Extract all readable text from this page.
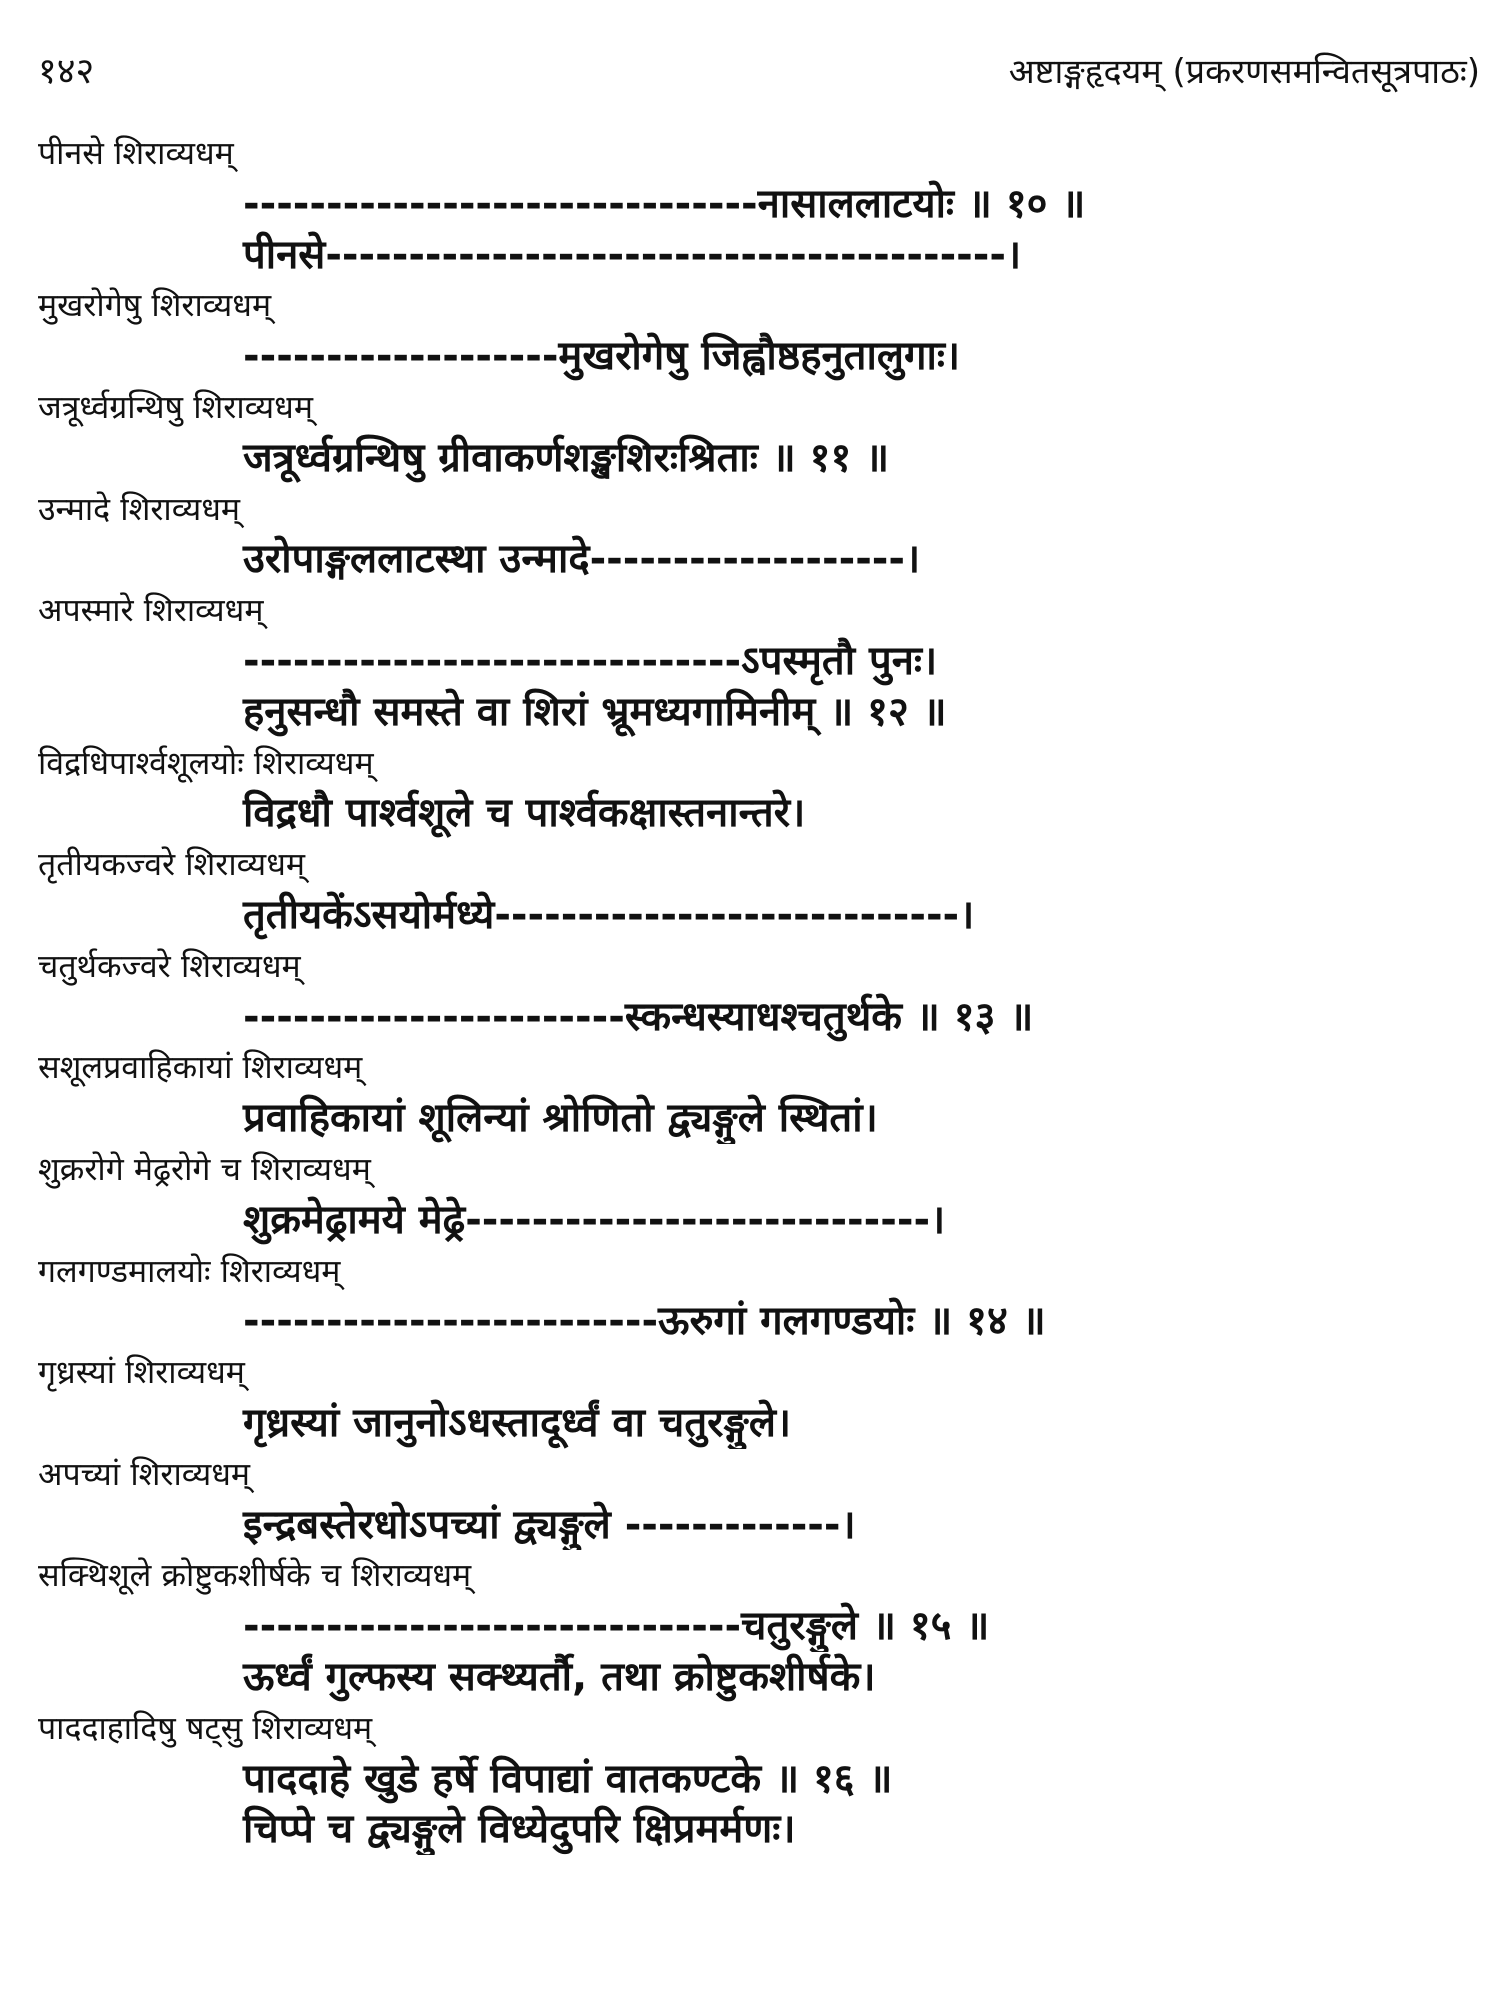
१४२	अष्टाङ्गहृदयम् (प्रकरणसमन्वितसूत्रपाठः)
पीनसे शिराव्यधम्
-------------------------------नासाललाटयोः ॥ १० ॥
पीनसे-----------------------------------------।
मुखरोगेषु शिराव्यधम्
-------------------मुखरोगेषु जिह्वौष्ठहनुतालुगाः।
जत्रूर्ध्वग्रन्थिषु शिराव्यधम्
जत्रूर्ध्वग्रन्थिषु ग्रीवाकर्णशङ्खशिरःश्रिताः ॥ ११ ॥
उन्मादे शिराव्यधम्
उरोपाङ्गललाटस्था उन्मादे-------------------।
अपस्मारे शिराव्यधम्
------------------------------ऽपस्मृतौ पुनः।
हनुसन्धौ समस्ते वा शिरां भ्रूमध्यगामिनीम् ॥ १२ ॥
विद्रधिपार्श्वशूलयोः शिराव्यधम्
विद्रधौ पार्श्वशूले च पार्श्वकक्षास्तनान्तरे।
तृतीयकज्वरे शिराव्यधम्
तृतीयकेंऽसयोर्मध्ये----------------------------।
चतुर्थकज्वरे शिराव्यधम्
-----------------------स्कन्धस्याधश्चतुर्थके ॥ १३ ॥
सशूलप्रवाहिकायां शिराव्यधम्
प्रवाहिकायां शूलिन्यां श्रोणितो द्व्यङ्गुले स्थितां।
शुक्ररोगे मेढ्ररोगे च शिराव्यधम्
शुक्रमेढ्रामये मेढ्रे----------------------------।
गलगण्डमालयोः शिराव्यधम्
-------------------------ऊरुगां गलगण्डयोः ॥ १४ ॥
गृध्रस्यां शिराव्यधम्
गृध्रस्यां जानुनोऽधस्तादूर्ध्वं वा चतुरङ्गुले।
अपच्यां शिराव्यधम्
इन्द्रबस्तेरधोऽपच्यां द्व्यङ्गुले -------------।
सक्थिशूले क्रोष्टुकशीर्षके च शिराव्यधम्
------------------------------चतुरङ्गुले ॥ १५ ॥
ऊर्ध्वं गुल्फस्य सक्थ्यर्तौ, तथा क्रोष्टुकशीर्षके।
पाददाहादिषु षट्सु शिराव्यधम्
पाददाहे खुडे हर्षे विपाद्यां वातकण्टके ॥ १६ ॥
चिप्पे च द्व्यङ्गुले विध्येदुपरि क्षिप्रमर्मणः।
